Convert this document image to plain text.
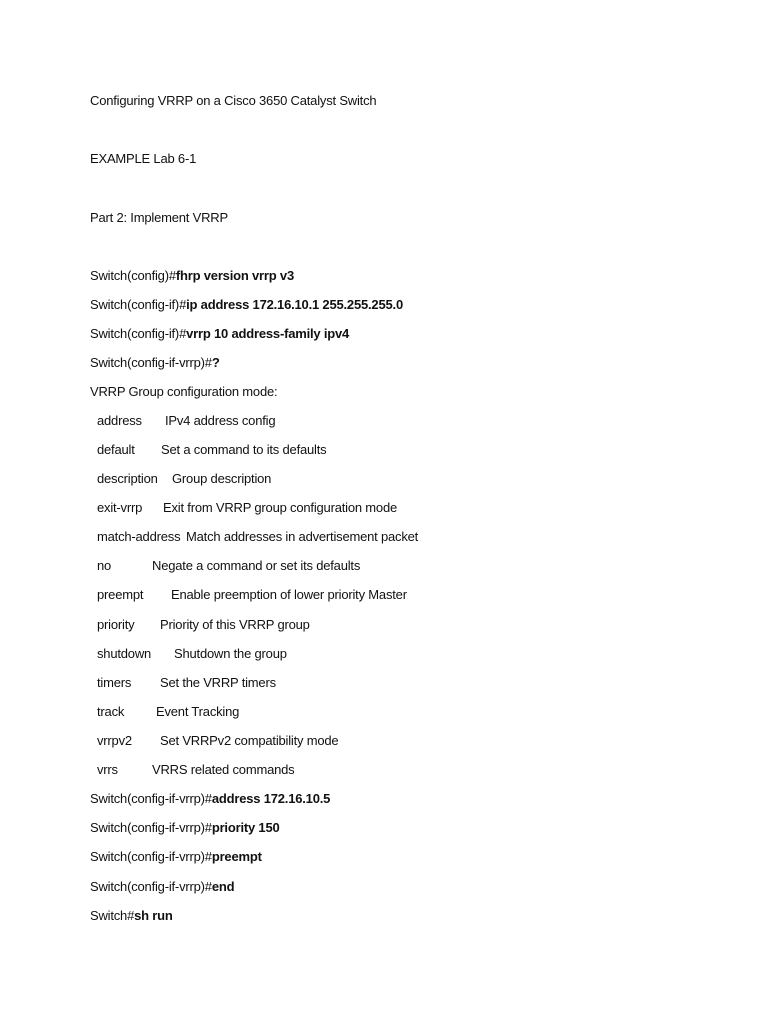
Configuring VRRP on a Cisco 3650 Catalyst Switch
EXAMPLE Lab 6-1
Part 2: Implement VRRP
Switch(config)#fhrp version vrrp v3
Switch(config-if)#ip address 172.16.10.1 255.255.255.0
Switch(config-if)#vrrp 10 address-family ipv4
Switch(config-if-vrrp)#?
VRRP Group configuration mode:
address IPv4 address config
default Set a command to its defaults
description Group description
exit-vrrp Exit from VRRP group configuration mode
match-address Match addresses in advertisement packet
no	Negate a command or set its defaults
preempt Enable preemption of lower priority Master
priority Priority of this VRRP group
shutdown Shutdown the group
timers Set the VRRP timers
track Event Tracking
vrrpv2 Set VRRPv2 compatibility mode
vrrs	VRRS related commands
Switch(config-if-vrrp)#address 172.16.10.5
Switch(config-if-vrrp)#priority 150
Switch(config-if-vrrp)#preempt
Switch(config-if-vrrp)#end
Switch#sh run
